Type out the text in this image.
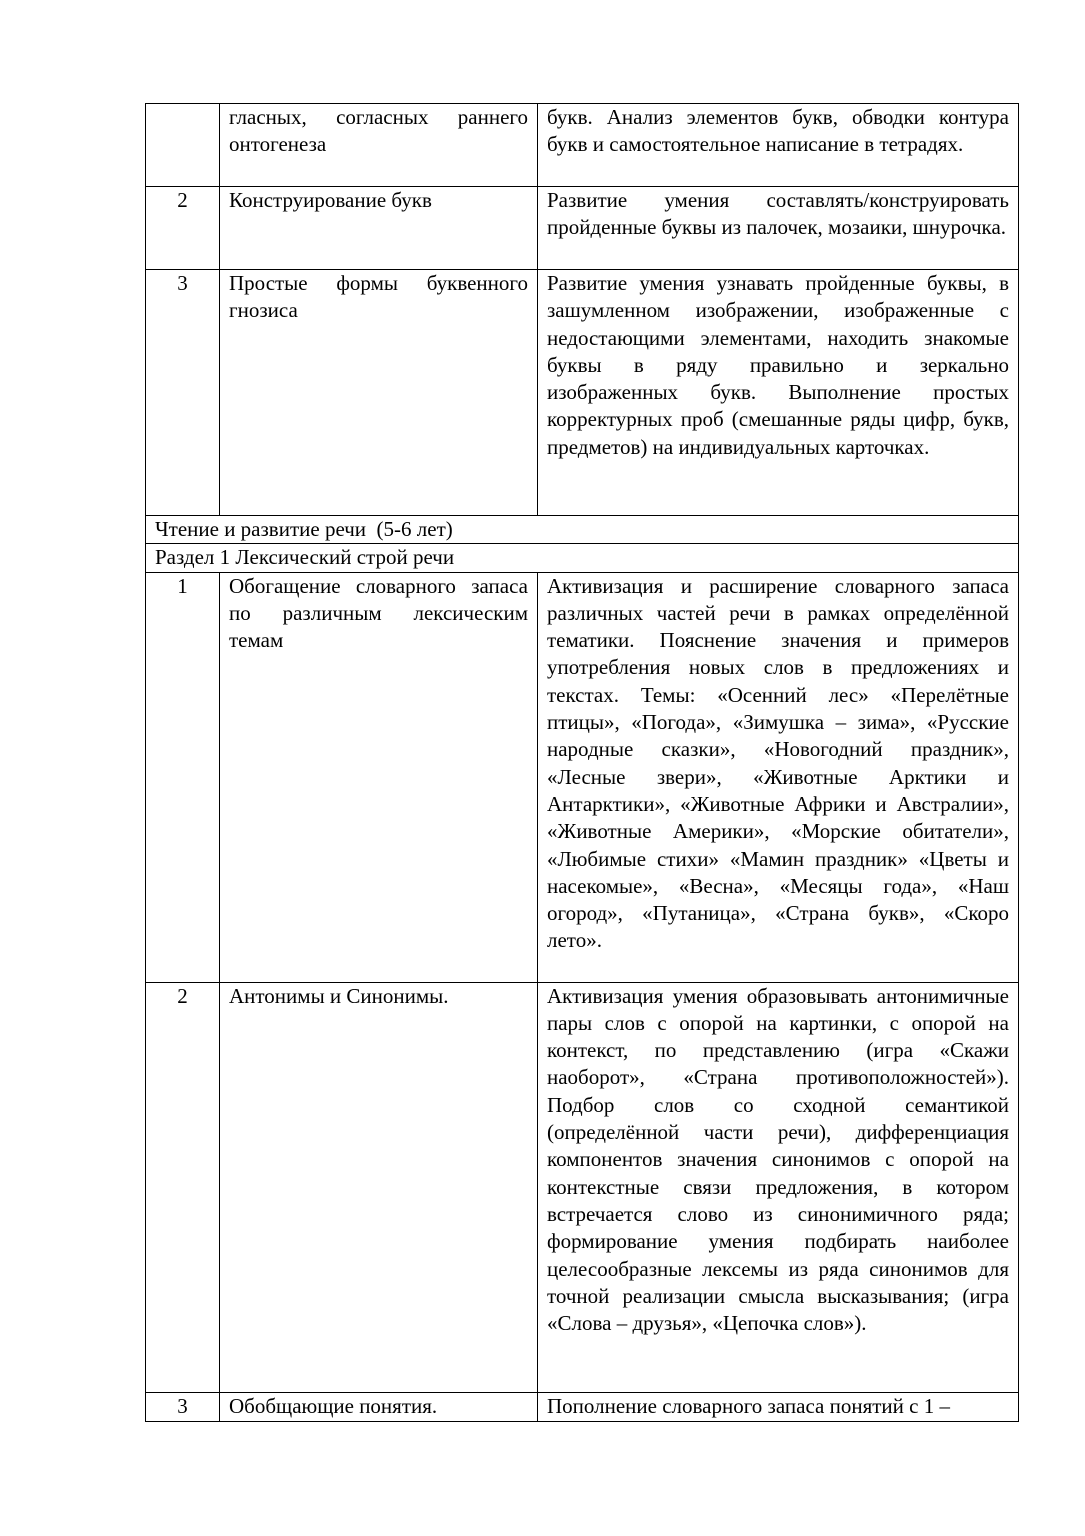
	гласных, согласных раннего онтогенеза	букв. Анализ элементов букв, обводки контура букв и самостоятельное написание в тетрадях.
2	Конструирование букв	Развитие умения составлять/конструировать пройденные буквы из палочек, мозаики, шнурочка.
3	Простые формы буквенного гнозиса	Развитие умения узнавать пройденные буквы, в зашумленном изображении, изображенные с недостающими элементами, находить знакомые буквы в ряду правильно и зеркально изображенных букв. Выполнение простых корректурных проб (смешанные ряды цифр, букв, предметов) на индивидуальных карточках.
Чтение и развитие речи  (5-6 лет)		
Раздел 1 Лексический строй речи		
1	Обогащение словарного запаса по различным лексическим темам	Активизация и расширение словарного запаса различных частей речи в рамках определённой тематики. Пояснение значения и примеров употребления новых слов в предложениях и текстах. Темы: «Осенний лес» «Перелётные птицы», «Погода», «Зимушка – зима», «Русские народные сказки», «Новогодний праздник», «Лесные звери», «Животные Арктики и Антарктики», «Животные Африки и Австралии», «Животные Америки», «Морские обитатели», «Любимые стихи» «Мамин праздник» «Цветы и насекомые», «Весна», «Месяцы года», «Наш огород», «Путаница», «Страна букв», «Скоро лето».
2	Антонимы и Синонимы.	Активизация умения образовывать антонимичные пары слов с опорой на картинки, с опорой на контекст, по представлению (игра «Скажи наоборот», «Страна противоположностей»). Подбор слов со сходной семантикой (определённой части речи), дифференциация компонентов значения синонимов с опорой на контекстные связи предложения, в котором встречается слово из синонимичного ряда; формирование умения подбирать наиболее целесообразные лексемы из ряда синонимов для точной реализации смысла высказывания; (игра «Слова – друзья», «Цепочка слов»).
3	Обобщающие понятия.	Пополнение словарного запаса понятий с 1 –
